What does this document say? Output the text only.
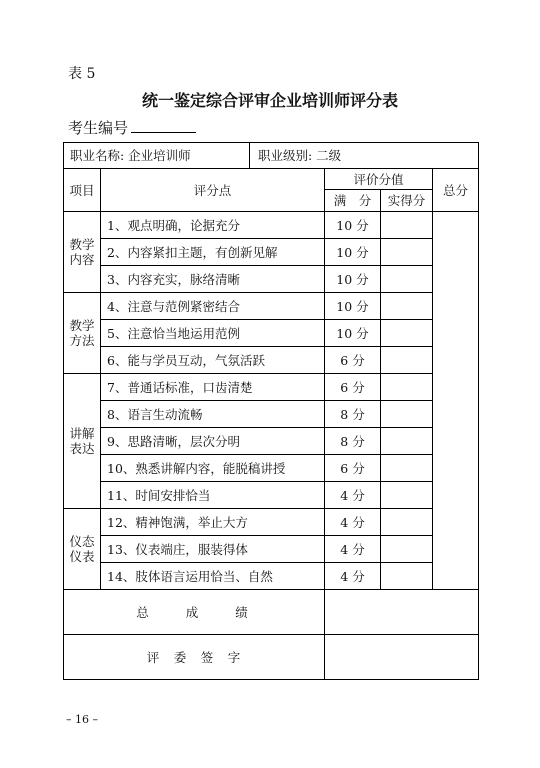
表 5
统一鉴定综合评审企业培训师评分表
考生编号
职业名称: 企业培训师 职业级别: 二级				

项目	评分点	评价分值		总分
		满　分	实得分	
教学内容	1、观点明确，论据充分	10 分		
	2、内容紧扣主题，有创新见解	10 分		
	3、内容充实，脉络清晰	10 分		
教学方法	4、注意与范例紧密结合	10 分		
	5、注意恰当地运用范例	10 分		
	6、能与学员互动，气氛活跃	6 分		
讲解表达	7、普通话标准，口齿清楚	6 分		
	8、语言生动流畅	8 分		
	9、思路清晰，层次分明	8 分		
	10、熟悉讲解内容，能脱稿讲授	6 分		
	11、时间安排恰当	4 分		
仪态仪表	12、精神饱满，举止大方	4 分		
	13、仪表端庄，服装得体	4 分		
	14、肢体语言运用恰当、自然	4 分		
总　　成　　绩				
评　委　签　字				
– 16 –
